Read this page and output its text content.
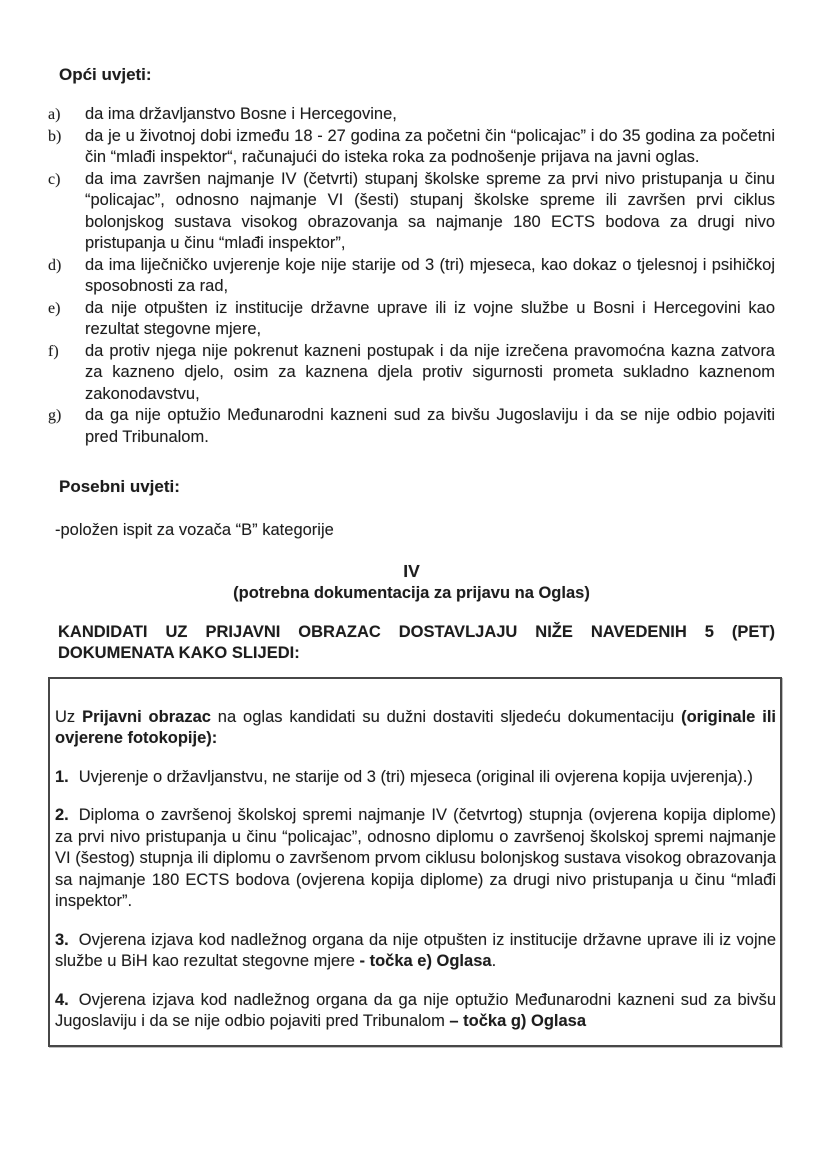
Opći uvjeti:
a)	da ima državljanstvo Bosne i Hercegovine,
b)	da je u životnoj dobi između 18 - 27 godina za početni čin “policajac” i do 35 godina za početni čin “mlađi inspektor“, računajući do isteka roka za podnošenje prijava na javni oglas.
c)	da ima završen najmanje IV (četvrti) stupanj školske spreme za prvi nivo pristupanja u činu “policajac”, odnosno najmanje VI (šesti) stupanj školske spreme ili završen prvi ciklus bolonjskog sustava visokog obrazovanja sa najmanje 180 ECTS bodova za drugi nivo pristupanja u činu “mlađi inspektor”,
d)	da ima liječničko uvjerenje koje nije starije od 3 (tri) mjeseca, kao dokaz o tjelesnoj i psihičkoj sposobnosti za rad,
e)	da nije otpušten iz institucije državne uprave ili iz vojne službe u Bosni i Hercegovini kao rezultat stegovne mjere,
f)	da protiv njega nije pokrenut kazneni postupak i da nije izrečena pravomoćna kazna zatvora za kazneno djelo, osim za kaznena djela protiv sigurnosti prometa sukladno kaznenom zakonodavstvu,
g)	da ga nije optužio Međunarodni kazneni sud za bivšu Jugoslaviju i da se nije odbio pojaviti pred Tribunalom.
Posebni uvjeti:
-položen ispit za vozača “B” kategorije
IV
(potrebna dokumentacija za prijavu na Oglas)
KANDIDATI UZ PRIJAVNI OBRAZAC DOSTAVLJAJU NIŽE NAVEDENIH 5 (PET)
DOKUMENATA KAKO SLIJEDI:

Uz Prijavni obrazac na oglas kandidati su dužni dostaviti sljedeću dokumentaciju (originale ili ovjerene fotokopije):

1. Uvjerenje o državljanstvu, ne starije od 3 (tri) mjeseca (original ili ovjerena kopija uvjerenja).)

2. Diploma o završenoj školskoj spremi najmanje IV (četvrtog) stupnja (ovjerena kopija diplome) za prvi nivo pristupanja u činu “policajac”, odnosno diplomu o završenoj školskoj spremi najmanje VI (šestog) stupnja ili diplomu o završenom prvom ciklusu bolonjskog sustava visokog obrazovanja sa najmanje 180 ECTS bodova (ovjerena kopija diplome) za drugi nivo pristupanja u činu “mlađi inspektor”.

3. Ovjerena izjava kod nadležnog organa da nije otpušten iz institucije državne uprave ili iz vojne službe u BiH kao rezultat stegovne mjere - točka e) Oglasa.

4. Ovjerena izjava kod nadležnog organa da ga nije optužio Međunarodni kazneni sud za bivšu Jugoslaviju i da se nije odbio pojaviti pred Tribunalom – točka g) Oglasa
